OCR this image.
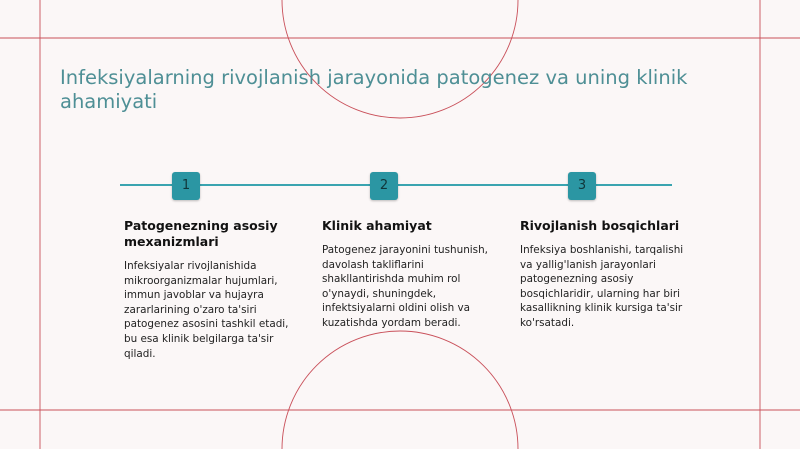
Infeksiyalarning rivojlanish jarayonida patogenez va uning klinik ahamiyati
1	2	3
Patogenezning asosiy mexanizmlari

Infeksiyalar rivojlanishida mikroorganizmalar hujumlari, immun javoblar va hujayra zararlarining o'zaro ta'siri patogenez asosini tashkil etadi, bu esa klinik belgilarga ta'sir qiladi.

Klinik ahamiyat

Patogenez jarayonini tushunish, davolash takliflarini shakllantirishda muhim rol o'ynaydi, shuningdek, infektsiyalarni oldini olish va kuzatishda yordam beradi.

Rivojlanish bosqichlari

Infeksiya boshlanishi, tarqalishi va yallig'lanish jarayonlari patogenezning asosiy bosqichlaridir, ularning har biri kasallikning klinik kursiga ta'sir ko'rsatadi.
